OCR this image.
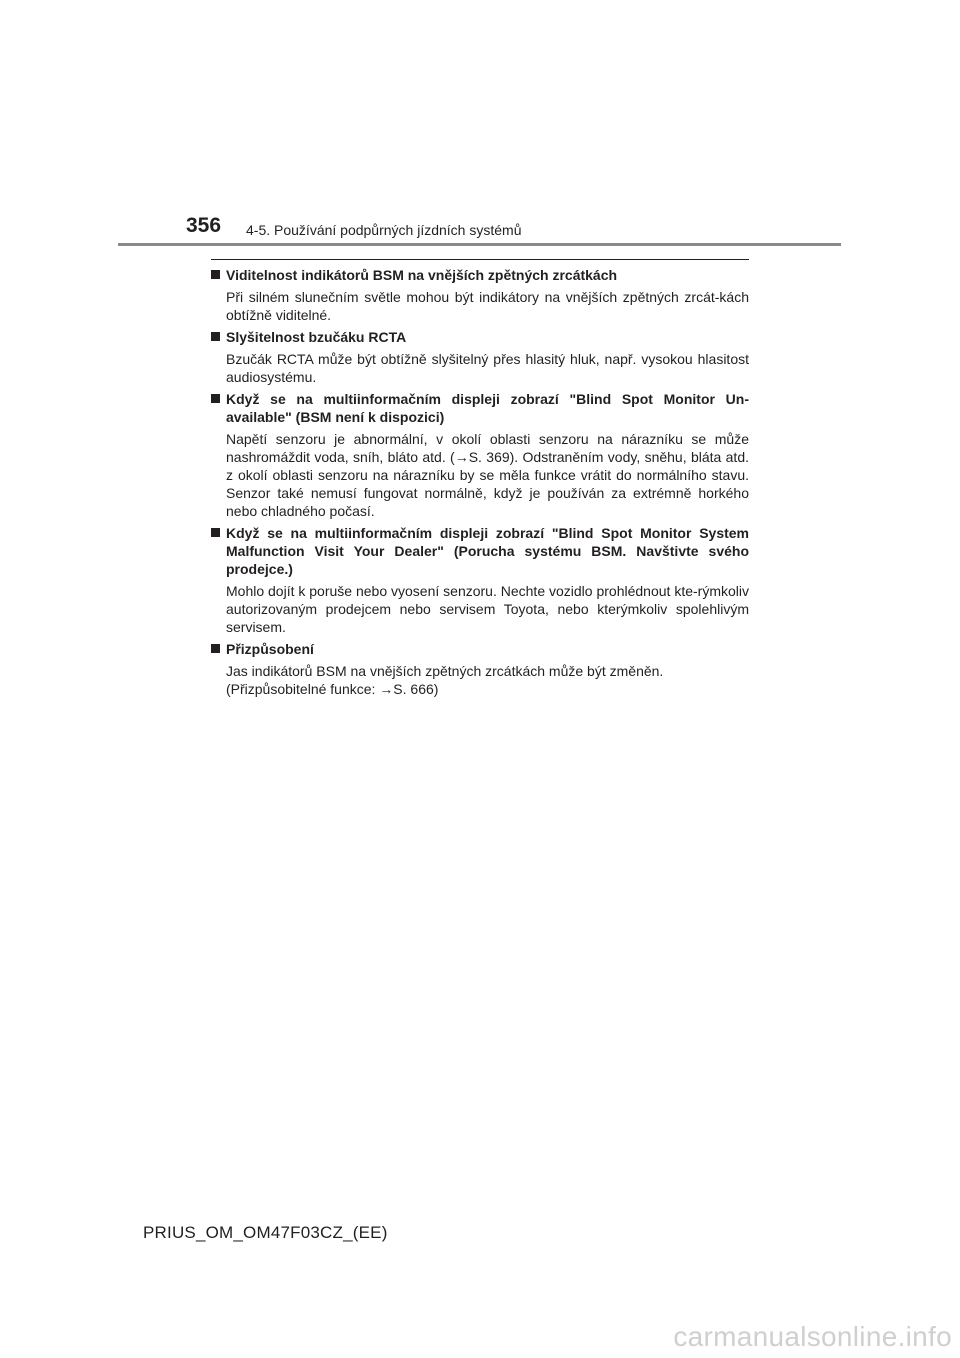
356 4-5. Používání podpůrných jízdních systémů
Viditelnost indikátorů BSM na vnějších zpětných zrcátkách
Při silném slunečním světle mohou být indikátory na vnějších zpětných zrcát-kách obtížně viditelné.
Slyšitelnost bzučáku RCTA
Bzučák RCTA může být obtížně slyšitelný přes hlasitý hluk, např. vysokou hlasitost audiosystému.
Když se na multiinformačním displeji zobrazí "Blind Spot Monitor Un-available" (BSM není k dispozici)
Napětí senzoru je abnormální, v okolí oblasti senzoru na nárazníku se může nashromáždit voda, sníh, bláto atd. (→S. 369). Odstraněním vody, sněhu, bláta atd. z okolí oblasti senzoru na nárazníku by se měla funkce vrátit do normálního stavu. Senzor také nemusí fungovat normálně, když je používán za extrémně horkého nebo chladného počasí.
Když se na multiinformačním displeji zobrazí "Blind Spot Monitor System Malfunction Visit Your Dealer" (Porucha systému BSM. Navštivte svého prodejce.)
Mohlo dojít k poruše nebo vyosení senzoru. Nechte vozidlo prohlédnout kte-rýmkoliv autorizovaným prodejcem nebo servisem Toyota, nebo kterýmkoliv spolehlivým servisem.
Přizpůsobení
Jas indikátorů BSM na vnějších zpětných zrcátkách může být změněn.
(Přizpůsobitelné funkce: →S. 666)
PRIUS_OM_OM47F03CZ_(EE)
carmanualsonline.info
